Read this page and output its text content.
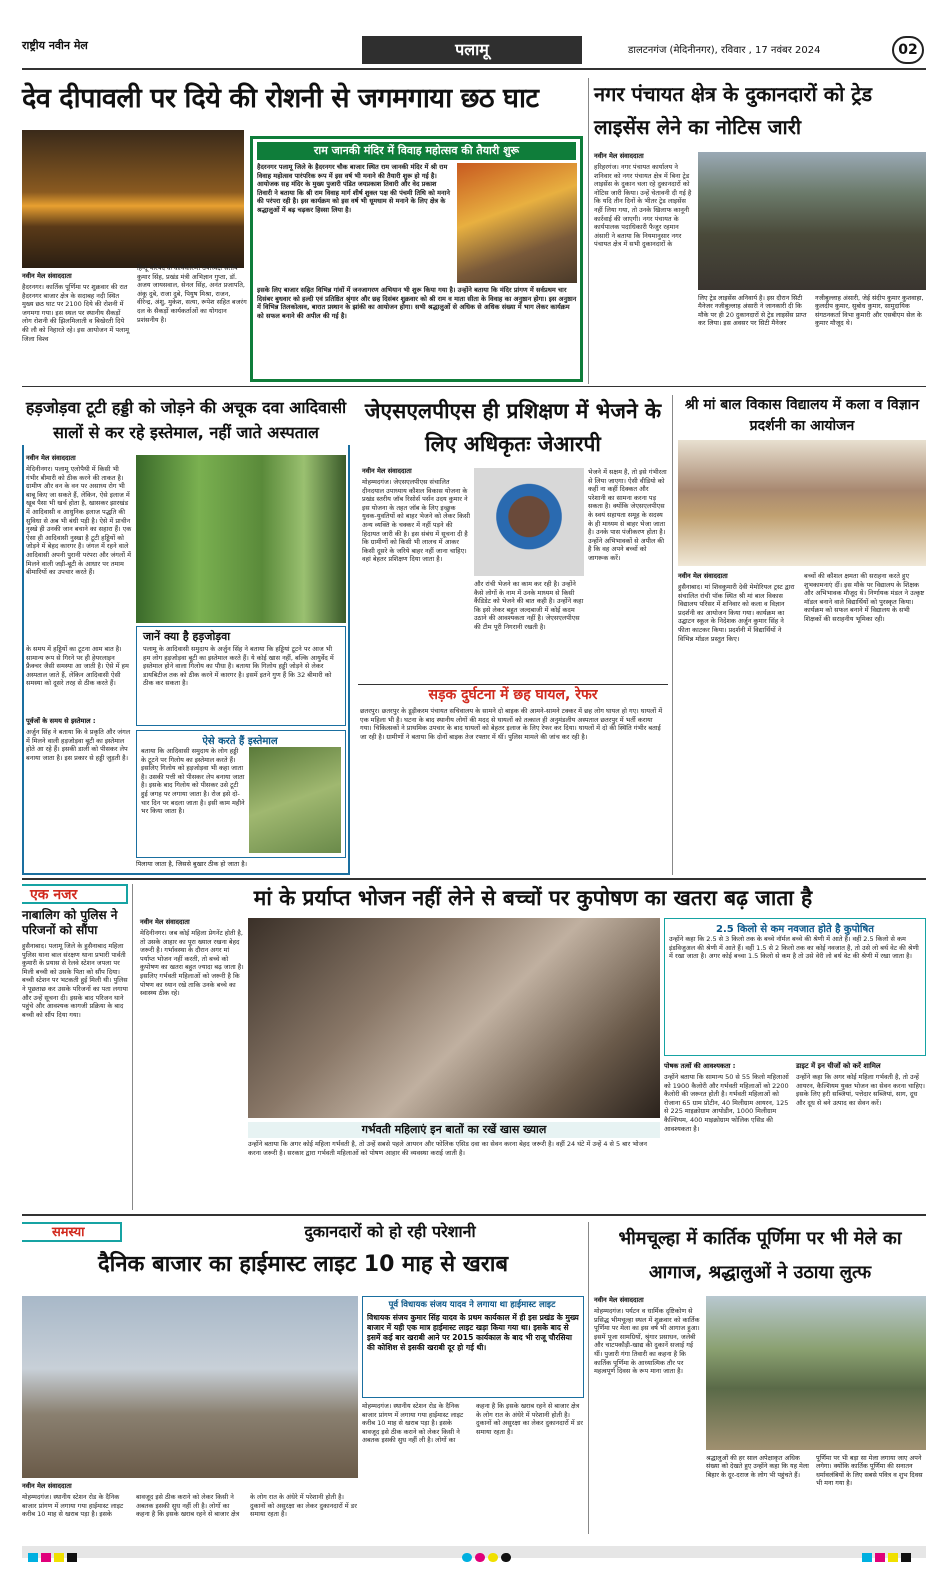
राष्ट्रीय नवीन मेल	पलामू	डालटनगंज (मेदिनीनगर), रविवार , 17 नवंबर 2024	02
देव दीपावली पर दिये की रोशनी से जगमगाया छठ घाट
नवीन मेल संवाददाता
हैदरनगर। कार्तिक पूर्णिमा पर शुक्रवार की रात हैदरनगर बाजार क्षेत्र के सदाबह नदी स्थित मुख्य छठ घाट पर 2100 दिये की रोशनी में जगमगा गया। इस स्थल पर स्थानीय सैकड़ों लोग रोशनी की झिलमिलाती व बिखेरती दिये की लौ को निहारते रहे। इस आयोजन में पलामू जिला विश्व
हिन्दू परिषद के कार्यकारणी उपाध्यक्ष संतोष कुमार सिंह, प्रखंड मंत्री अभिज्ञान गुप्ता, डॉ. अजय जायसवाल, सेनल सिंह, अनंत प्रजापति, अंकू दुबे, राजा दुबे, पियुष मिश्रा, राजन, वीरेन्द्र, अंशु, मुकेश, सत्या, रूपेश सहित बजरंग दल के सैकड़ों कार्यकर्ताओं का योगदान प्रशंसनीय है।
राम जानकी मंदिर में विवाह महोत्सव की तैयारी शुरू
हैदरनगर पलामू जिले के हैदरनगर चौक बाजार स्थित राम जानकी मंदिर में श्री राम विवाह महोत्सव पारंपरिक रूप में इस वर्ष भी मनाने की तैयारी शुरू हो गई है। आयोजक सह मंदिर के मुख्य पुजारी पंडित जयप्रकाश तिवारी और वेद प्रकाश तिवारी ने बताया कि श्री राम विवाह मार्ग शीर्ष शुक्ल पक्ष की पंचमी तिथि को मनाने की परंपरा रही है। इस कार्यक्रम को इस वर्ष भी धूमधाम से मनाने के लिए क्षेत्र के श्रद्धालुओं में बढ़ चढ़कर हिस्सा लिया है।
इसके लिए बाजार सहित विभिन्न गांवों में जनजागरण अभियान भी शुरू किया गया है। उन्होंने बताया कि मंदिर प्रांगण में सर्वप्रथम चार दिसंबर बुधवार को हल्दी एवं प्रतिष्ठित श्रृंगार और छह दिसंबर शुक्रवार को श्री राम व माता सीता के विवाह का अनुष्ठान होगा। इस अनुष्ठान में विभिन्न तिलकोत्सव, बारात प्रस्थान के झांकी का आयोजन होगा। सभी श्रद्धालुओं से अधिक से अधिक संख्या में भाग लेकर कार्यक्रम को सफल बनाने की अपील की गई है।
नगर पंचायत क्षेत्र के दुकानदारों को ट्रेड लाइसेंस लेने का नोटिस जारी
नवीन मेल संवाददाता
हरिहरगंज। नगर पंचायत कार्यालय ने शनिवार को नगर पंचायत क्षेत्र में बिना ट्रेड लाइसेंस के दुकान चला रहे दुकानदारों को नोटिस जारी किया। उन्हें चेतावनी दी गई है कि यदि तीन दिनों के भीतर ट्रेड लाइसेंस नहीं लिया गया, तो उनके खिलाफ कानूनी कार्रवाई की जाएगी। नगर पंचायत के कार्यपालक पदाधिकारी फैजुर रहमान अंसारी ने बताया कि नियमानुसार नगर पंचायत क्षेत्र में सभी दुकानदारों के
लिए ट्रेड लाइसेंस अनिवार्य है। इस दौरान सिटी मैनेजर नजीबुल्लाह अंसारी ने जानकारी दी कि मौके पर ही 20 दुकानदारों से ट्रेड लाइसेंस प्राप्त कर लिया। इस अवसर पर सिटी मैनेजर
नजीबुल्लाह अंसारी, जेई संदीप कुमार कुशवाहा, कुलदीप कुमार, सुबोध कुमार, सामुदायिक संगठनकर्ता विभा कुमारी और एसबीएम सेल के कुमार मौजूद थे।
हड़जोड़वा टूटी हड्डी को जोड़ने की अचूक दवा आदिवासी सालों से कर रहे इस्तेमाल, नहीं जाते अस्पताल
नवीन मेल संवाददाता
मेदिनीनगर। पलामू एलोपैथी में किसी भी गंभीर बीमारी को ठीक करने की ताकत है। ग्रामीण और वन के वन पर असाध्य रोग भी बाबू किए जा सकते हैं, लेकिन, ऐसे इलाज में खूब पैसा भी खर्च होता है, खासकर झारखंड में आदिवासी व आधुनिक इलाज पद्धति की सुविधा से अब भी बंधी पड़ी है। ऐसे में प्राचीन नुस्खे ही उनकी जान बचाने का सहारा हैं। एक ऐसा ही आदिवासी नुस्खा है टूटी हड्डियों को जोड़ने में बेहद कारगर है। जंगल में रहने वाले आदिवासी अपनी पुरानी परंपरा और जंगलों में मिलने वाली जड़ी-बूटी के आधार पर तमाम बीमारियों का उपचार करते हैं।
के समय में हड्डियों का टूटना आम बात है। सामान्य रूप से गिरने पर ही हेयरलाइन फ्रैक्चर जैसी समस्या आ जाती है। ऐसे में हम अस्पताल जाते हैं, लेकिन आदिवासी ऐसी समस्या को दूसरे तरह से ठीक करते हैं।
पूर्वजों के समय से इस्तेमाल :
अर्जुन सिंह ने बताया कि वे प्रकृति और जंगल में मिलने वाली हड़जोड़वा बूटी का इस्तेमाल होते आ रहे हैं। इसकी डाली को पीसकर लेप बनाया जाता है। इस प्रकार से हड्डी जुड़ती है।
जानें क्या है हड़जोड़वा
पलामू के आदिवासी समुदाय के अर्जुन सिंह ने बताया कि हड्डियां टूटने पर आज भी हम लोग हड़जोड़वा बूटी का इस्तेमाल करते हैं। ये कोई खास नहीं, बल्कि आयुर्वेद में इस्तेमाल होने वाला गिलोय का पौधा है। बताया कि गिलोय हड्डी जोड़ने से लेकर डायबिटीज तक को ठीक करने में कारगर है। इसमें इतने गुण हैं कि 32 बीमारी को ठीक कर सकता है।
ऐसे करते हैं इस्तेमाल
बताया कि आदिवासी समुदाय के लोग हड्डी के टूटने पर गिलोय का इस्तेमाल करते हैं। इसलिए गिलोय को हड़जोड़वा भी कहा जाता है। उसकी पत्ती को पीसकर लेप बनाया जाता है। इसके बाद गिलोय को पीसकर उसे टूटी हुई जगह पर लगाया जाता है। रोज इसे दो-चार दिन पर बदला जाता है। इसी काम महीने भर किया जाता है।
पिलाया जाता है, जिससे बुखार ठीक हो जाता है।
जेएसएलपीएस ही प्रशिक्षण में भेजने के लिए अधिकृतः जेआरपी
नवीन मेल संवाददाता
मोहम्मदगंज। जेएसएलपीएस संचालित दीनदयाल उपाध्याय कौशल विकास योजना के प्रखंड स्तरीय जॉब रिसोर्स पर्सन उदय कुमार ने इस योजना के तहत जॉब के लिए इच्छुक युवक-युवतियों को बाहर भेजने को लेकर किसी अन्य व्यक्ति के चक्कर में नहीं पड़ने की हिदायत जारी की है। इस संबंध में सूचना दी है कि ग्रामीणों को किसी भी लालच में आकर किसी दूसरे के जरिये बाहर नहीं जाना चाहिए। वहां बेहतर प्रशिक्षण दिया जाता है।
और रांची भेजने का काम कर रही है। उन्होंने कैसे लोगों के नाम में उनके माध्यम से किसी कैंडिडेट को भेजने की बात कही है। उन्होंने कहा कि इसे लेकर बहुत जल्दबाजी में कोई कदम उठाने की आवश्यकता नहीं है। जेएसएलपीएस की टीम पूरी निगरानी रखती है।
भेजने में सक्षम है, तो इसे गंभीरता से लिया जाएगा। ऐसी वीडियो को कहीं ना कहीं दिक्कत और परेशानी का सामना करना पड़ सकता है। क्योंकि जेएसएलपीएस के स्वयं सहायता समूह के सदस्य के ही माध्यम से बाहर भेजा जाता है। उनके पास पंजीकरण होता है। उन्होंने अभिभावकों से अपील की है कि वह अपने बच्चों को जागरूक करें।
सड़क दुर्घटना में छह घायल, रेफर
छतरपुर। छतरपुर के डूड़ीकरम पंचायत सचिवालय के सामने दो बाइक की आमने-सामने टक्कर में छह लोग घायल हो गए। घायलों में एक महिला भी है। घटना के बाद स्थानीय लोगों की मदद से घायलों को तत्काल ही अनुमंडलीय अस्पताल छतरपुर में भर्ती कराया गया। चिकित्सकों ने प्राथमिक उपचार के बाद घायलों को बेहतर इलाज के लिए रेफर कर दिया। घायलों में दो की स्थिति गंभीर बताई जा रही है। ग्रामीणों ने बताया कि दोनों बाइक तेज रफ्तार में थीं। पुलिस मामले की जांच कर रही है।
श्री मां बाल विकास विद्यालय में कला व विज्ञान प्रदर्शनी का आयोजन
नवीन मेल संवाददाता
हुसैनाबाद। मां शिवकुमारी देवी मेमोरियल ट्रस्ट द्वारा संचालित रांची पॉक स्थित श्री मां बाल विकास विद्यालय परिसर में शनिवार को कला व विज्ञान प्रदर्शनी का आयोजन किया गया। कार्यक्रम का उद्घाटन स्कूल के निदेशक अर्जुन कुमार सिंह ने फीता काटकर किया। प्रदर्शनी में विद्यार्थियों ने विभिन्न मॉडल प्रस्तुत किए।
बच्चों की कौशल क्षमता की सराहना करते हुए शुभकामनाएं दीं। इस मौके पर विद्यालय के शिक्षक और अभिभावक मौजूद थे। निर्णायक मंडल ने उत्कृष्ट मॉडल बनाने वाले विद्यार्थियों को पुरस्कृत किया। कार्यक्रम को सफल बनाने में विद्यालय के सभी शिक्षकों की सराहनीय भूमिका रही।
एक नजर
नाबालिग को पुलिस ने परिजनों को सौंपा
हुसैनाबाद। पलामू जिले के हुसैनाबाद महिला पुलिस थाना बाल संरक्षण थाना प्रभारी पार्वती कुमारी के प्रयास से रेलवे स्टेशन जपला पर मिली बच्ची को उसके पिता को सौंप दिया। बच्ची स्टेशन पर भटकती हुई मिली थी। पुलिस ने पूछताछ कर उसके परिजनों का पता लगाया और उन्हें सूचना दी। इसके बाद परिजन थाने पहुंचे और आवश्यक कागजी प्रक्रिया के बाद बच्ची को सौंप दिया गया।
मां के प्रर्याप्त भोजन नहीं लेने से बच्चों पर कुपोषण का खतरा बढ़ जाता है
नवीन मेल संवाददाता
मेदिनीनगर। जब कोई महिला प्रेगनेंट होती है, तो उसके आहार का पूरा ख्याल रखना बेहद जरूरी है। गर्भावस्था के दौरान अगर मां पर्याप्त भोजन नहीं करती, तो बच्चे को कुपोषण का खतरा बहुत ज्यादा बढ़ जाता है। इसलिए गर्भवती महिलाओं को जरूरी है कि पोषण का ध्यान रखे ताकि उनके बच्चे का स्वास्थ्य ठीक रहे।
गर्भवती महिलाएं इन बातों का रखें खास ख्याल
उन्होंने बताया कि अगर कोई महिला गर्भवती है, तो उन्हें सबसे पहले आयरन और फोलिक एसिड दवा का सेवन करना बेहद जरूरी है। वहीं 24 घंटे में उन्हें 4 से 5 बार भोजन करना जरूरी है। सरकार द्वारा गर्भवती महिलाओं को पोषण आहार की व्यवस्था कराई जाती है।
2.5 किलो से कम नवजात होते है कुपोषित
उन्होंने कहा कि 2.5 से 3 किलो तक के बच्चे नॉर्मल बच्चे की श्रेणी में आते हैं। वहीं 2.5 किलो से कम इंडविजुअल की श्रेणी में आते हैं। वहीं 1.5 से 2 किलो तक का कोई नवजात है, तो उसे लो बर्थ वेट की श्रेणी में रखा जाता है। अगर कोई बच्चा 1.5 किलो से कम है तो उसे वेरी लो बर्थ वेट की श्रेणी में रखा जाता है।
पोषक तत्वों की आवश्यकता :
उन्होंने बताया कि सामान्य 50 से 55 किलो महिलाओं को 1900 कैलोरी और गर्भवती महिलाओं को 2200 कैलोरी की जरूरत होती है। गर्भवती महिलाओं को रोजाना 65 ग्राम प्रोटीन, 40 मिलीग्राम आयरन, 125 से 225 माइक्रोग्राम आयोडीन, 1000 मिलीग्राम कैल्शियम, 400 माइक्रोग्राम फोलिक एसिड की आवश्यकता है।
डाइट में इन चीजों को करें शामिल
उन्होंने कहा कि अगर कोई महिला गर्भवती है, तो उन्हें आयरन, कैल्शियम युक्त भोजन का सेवन करना चाहिए। इसके लिए हरी सब्जियां, पत्तेदार सब्जियां, साग, दूध और दूध से बने उत्पाद का सेवन करें।
समस्या	दुकानदारों को हो रही परेशानी
दैनिक बाजार का हाईमास्ट लाइट 10 माह से खराब
पूर्व विधायक संजय यादव ने लगाया था हाईमास्ट लाइट
विधायक संजय कुमार सिंह यादव के प्रथम कार्यकाल में ही इस प्रखंड के मुख्य बाजार में यही एक मात्र हाईमास्ट लाइट खड़ा किया गया था। इसके बाद से इसमें कई बार खराबी आने पर 2015 कार्यकाल के बाद भी राजू चौरसिया की कोशिश से इसकी खराबी दूर हो गई थी।
नवीन मेल संवाददाता
मोहम्मदगंज। स्थानीय स्टेशन रोड के दैनिक बाजार प्रांगण में लगाया गया हाईमास्ट लाइट करीब 10 माह से खराब पड़ा है। इसके बावजूद इसे ठीक कराने को लेकर किसी ने अबतक इसकी सुध नहीं ली है। लोगों का कहना है कि इसके खराब रहने से बाजार क्षेत्र के लोग रात के अंधेरे में परेशानी होती है। दुकानों को असुरक्षा का लेकर दुकानदारों में डर समाया रहता है।
मोहम्मदगंज। स्थानीय स्टेशन रोड के दैनिक बाजार प्रांगण में लगाया गया हाईमास्ट लाइट करीब 10 माह से खराब पड़ा है। इसके बावजूद इसे ठीक कराने को लेकर किसी ने अबतक इसकी सुध नहीं ली है। लोगों का कहना है कि इसके खराब रहने से बाजार क्षेत्र के लोग रात के अंधेरे में परेशानी होती है। दुकानों को असुरक्षा का लेकर दुकानदारों में डर समाया रहता है।
भीमचूल्हा में कार्तिक पूर्णिमा पर भी मेले का आगाज, श्रद्धालुओं ने उठाया लुत्फ
नवीन मेल संवाददाता
मोहम्मदगंज। पर्यटन व धार्मिक दृष्टिकोण से प्रसिद्ध भीमचूल्हा स्थल में शुक्रवार को कार्तिक पूर्णिमा पर मेला का इस वर्ष भी आगाज हुआ। इसमें पूजा सामग्रियों, श्रृंगार प्रसाधन, जलेबी और चाटपकौड़ी-खाद्य की दुकानें सजाई गई थीं। पुजारी गंगा तिवारी का कहना है कि कार्तिक पूर्णिमा के आध्यात्मिक तौर पर महत्वपूर्ण दिवस के रूप माना जाता है।
श्रद्धालुओं की हर साल अपेक्षाकृत अधिक संख्या को देखते हुए उन्होंने कहा कि यह मेला बिहार के दूर-दराज के लोग भी पहुंचते हैं।
पूर्णिमा पर भी बड़ा सा मेला लगाया जाए अपने लगेगा। क्योंकि कार्तिक पूर्णिमा की सनातन धर्मावलंबियों के लिए सबसे पवित्र व शुभ दिवस भी मना गया है।
